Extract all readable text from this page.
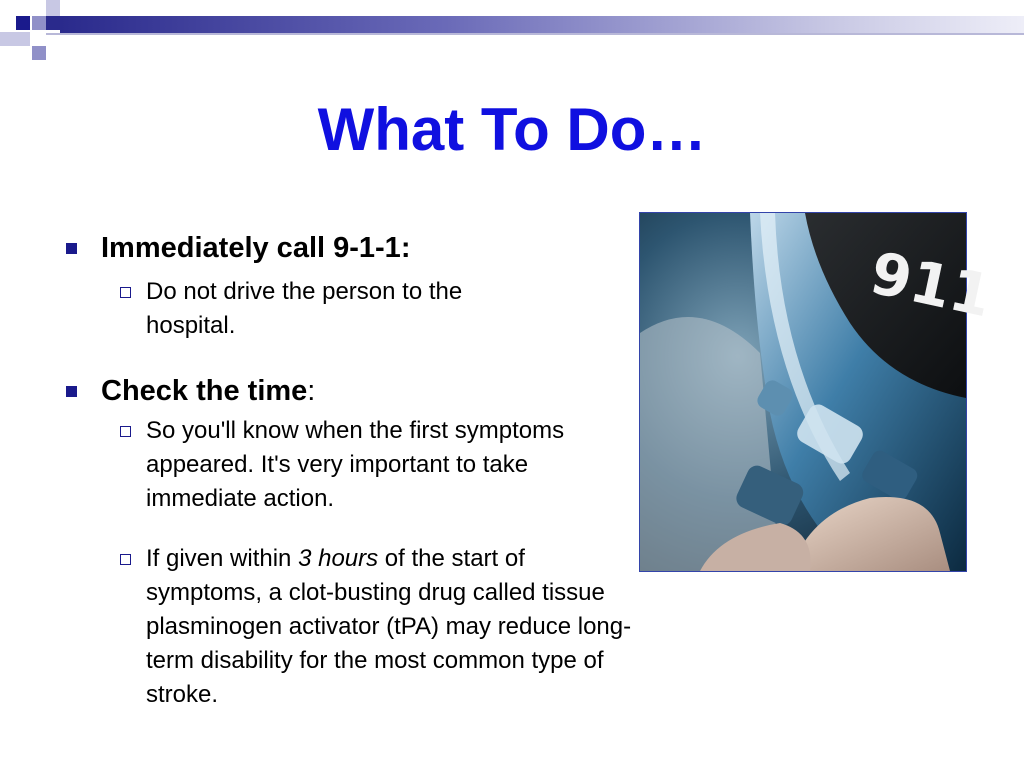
What To Do…
Immediately call 9-1-1:
Do not drive the person to the hospital.
Check the time:
So you'll know when the first symptoms appeared. It's very important to take immediate action.
If given within 3 hours of the start of symptoms, a clot-busting drug called tissue plasminogen activator (tPA) may reduce long-term disability for the most common type of stroke.
911
